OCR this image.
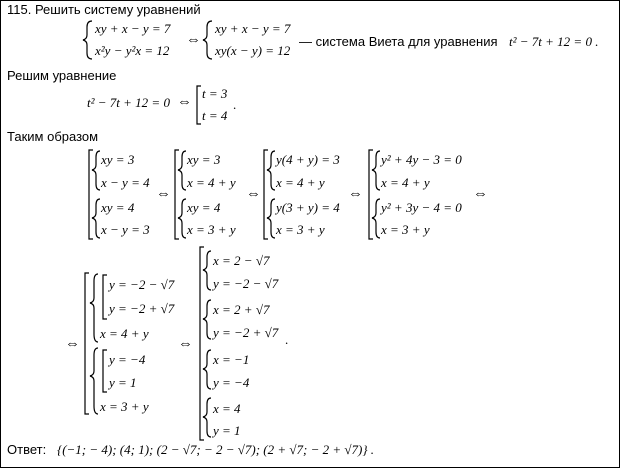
115. Решить систему уравнений
xy + x − y = 7
x²y − y²x = 12
⇔
xy + x − y = 7
xy(x − y) = 12
— система Виета для уравнения t² − 7t + 12 = 0 .
Решим уравнение
t² − 7t + 12 = 0 ⇔
t = 3
t = 4
.
Таким образом
xy = 3
x − y = 4
xy = 4
x − y = 3
⇔
xy = 3
x = 4 + y
xy = 4
x = 3 + y
⇔
y(4 + y) = 3
x = 4 + y
y(3 + y) = 4
x = 3 + y
⇔
y² + 4y − 3 = 0
x = 4 + y
y² + 3y − 4 = 0
x = 3 + y
⇔
⇔
y = −2 − √7
y = −2 + √7
x = 4 + y
y = −4
y = 1
x = 3 + y
⇔
x = 2 − √7
y = −2 − √7
x = 2 + √7
y = −2 + √7
x = −1
y = −4
x = 4
y = 1
.
Ответ: {(−1; − 4); (4; 1); (2 − √7; − 2 − √7); (2 + √7; − 2 + √7)} .
